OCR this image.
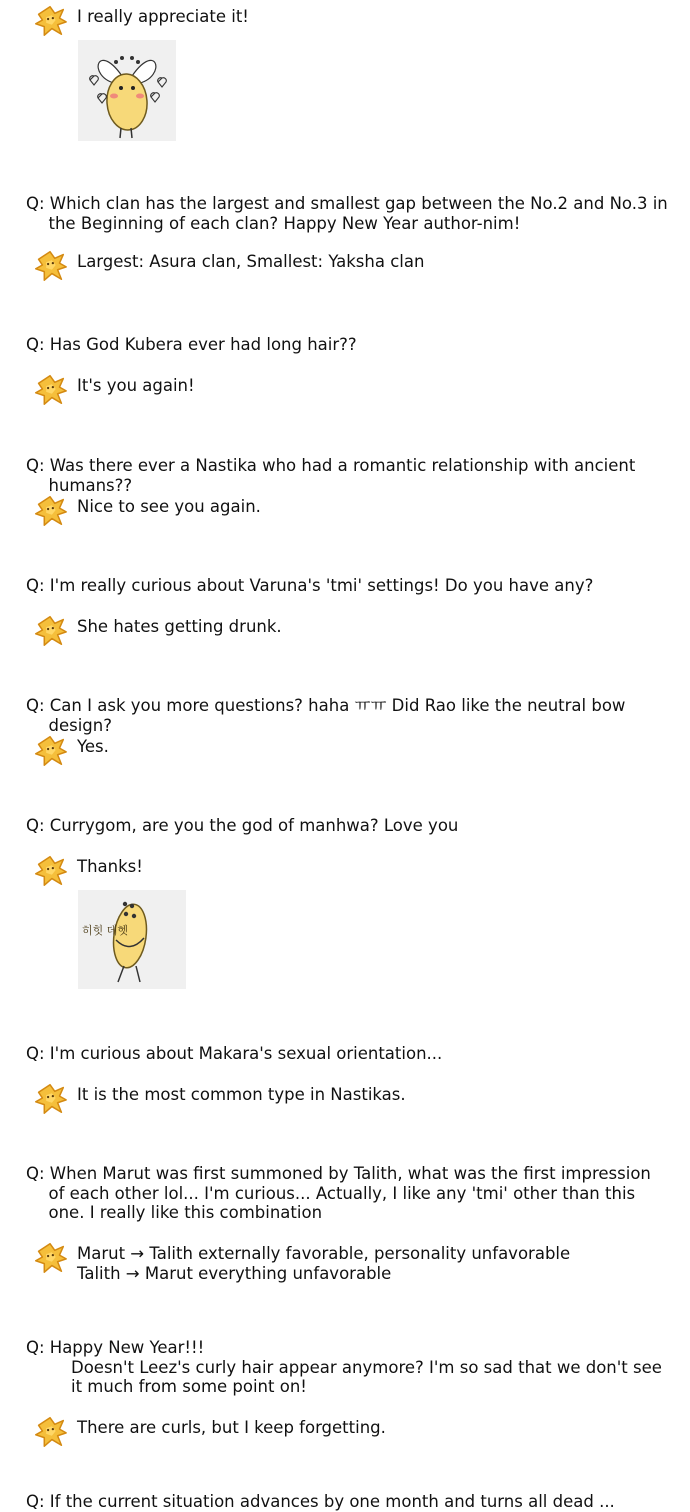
I really appreciate it!
Q: Which clan has the largest and smallest gap between the No.2 and No.3 in the Beginning of each clan? Happy New Year author-nim!
Largest: Asura clan, Smallest: Yaksha clan
Q: Has God Kubera ever had long hair??
It's you again!
Q: Was there ever a Nastika who had a romantic relationship with ancient humans??
Nice to see you again.
Q: I'm really curious about Varuna's 'tmi' settings! Do you have any?
She hates getting drunk.
Q: Can I ask you more questions? haha ㅠㅠ Did Rao like the neutral bow design?
Yes.
Q: Currygom, are you the god of manhwa? Love you
Thanks!
히힛 데헷
Q: I'm curious about Makara's sexual orientation...
It is the most common type in Nastikas.
Q: When Marut was first summoned by Talith, what was the first impression of each other lol... I'm curious... Actually, I like any 'tmi' other than this one. I really like this combination
Marut → Talith externally favorable, personality unfavorable
Talith → Marut everything unfavorable
Q: Happy New Year!!!
Doesn't Leez's curly hair appear anymore? I'm so sad that we don't see it much from some point on!
There are curls, but I keep forgetting.
Q: If the current situation advances by one month and turns all dead ...
